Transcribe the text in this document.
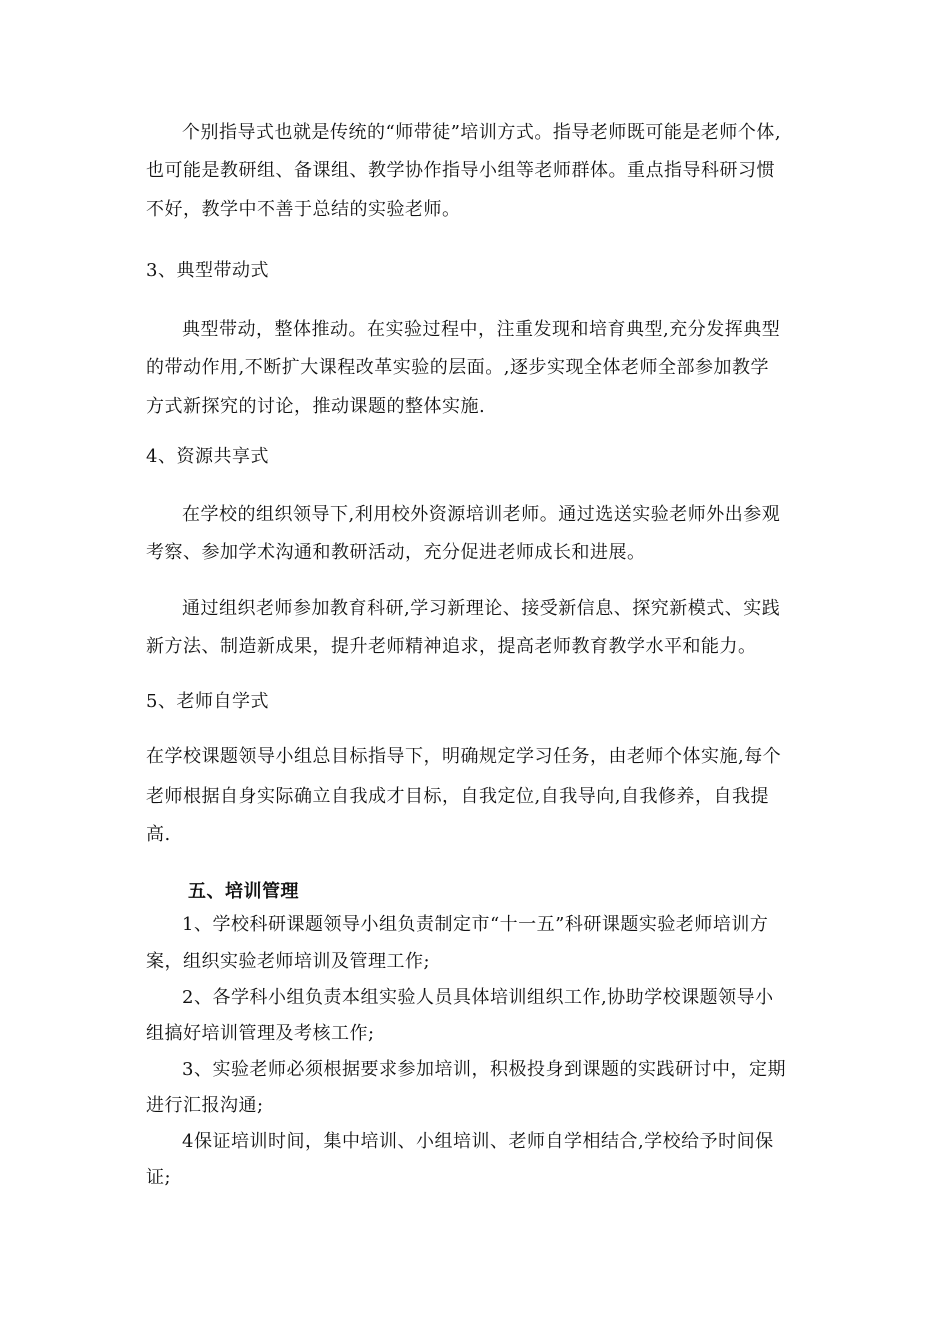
个别指导式也就是传统的“师带徒”培训方式。指导老师既可能是老师个体,
也可能是教研组、备课组、教学协作指导小组等老师群体。重点指导科研习惯
不好，教学中不善于总结的实验老师。
3、典型带动式
典型带动，整体推动。在实验过程中，注重发现和培育典型,充分发挥典型
的带动作用,不断扩大课程改革实验的层面。,逐步实现全体老师全部参加教学
方式新探究的讨论，推动课题的整体实施.
4、资源共享式
在学校的组织领导下,利用校外资源培训老师。通过选送实验老师外出参观
考察、参加学术沟通和教研活动，充分促进老师成长和进展。
通过组织老师参加教育科研,学习新理论、接受新信息、探究新模式、实践
新方法、制造新成果，提升老师精神追求，提高老师教育教学水平和能力。
5、老师自学式
在学校课题领导小组总目标指导下，明确规定学习任务，由老师个体实施,每个
老师根据自身实际确立自我成才目标，自我定位,自我导向,自我修养，自我提
高.
五、培训管理
1、学校科研课题领导小组负责制定市“十一五”科研课题实验老师培训方
案，组织实验老师培训及管理工作;
2、各学科小组负责本组实验人员具体培训组织工作,协助学校课题领导小
组搞好培训管理及考核工作;
3、实验老师必须根据要求参加培训，积极投身到课题的实践研讨中，定期
进行汇报沟通;
4保证培训时间，集中培训、小组培训、老师自学相结合,学校给予时间保
证;
